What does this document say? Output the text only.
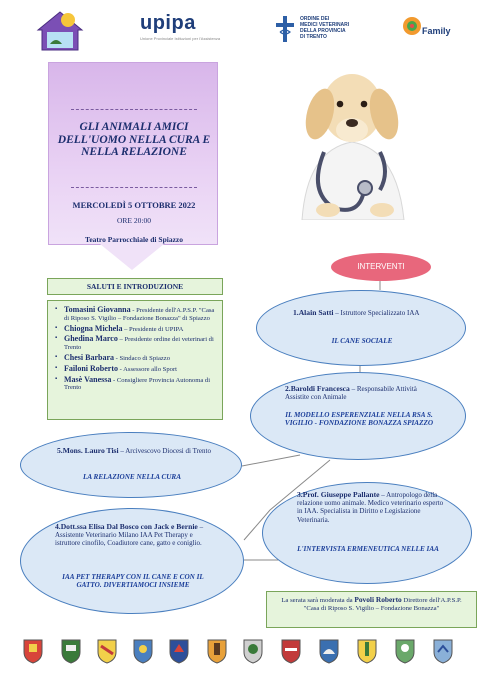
upipa
Unione Provinciale Istituzioni per l'Assistenza
ORDINE DEI
MEDICI VETERINARI
DELLA PROVINCIA
DI TRENTO
Family
GLI ANIMALI AMICI DELL'UOMO NELLA CURA E NELLA RELAZIONE
MERCOLEDÌ 5 OTTOBRE 2022
ORE 20:00
Teatro Parrocchiale di Spiazzo
SALUTI E INTRODUZIONE
▪ Tomasini Giovanna - Presidente dell'A.P.S.P. "Casa di Riposo S. Vigilio – Fondazione Bonazza" di Spiazzo
▪ Chiogna Michela – Presidente di UPIPA
▪ Ghedina Marco – Presidente ordine dei veterinari di Trento
▪ Chesi Barbara - Sindaco di Spiazzo
▪ Failoni Roberto - Assessore allo Sport
▪ Masè Vanessa - Consigliere Provincia Autonoma di Trento
INTERVENTI
1.Alain Satti – Istruttore Specializzato IAA
IL CANE SOCIALE
2.Baroldi Francesca – Responsabile Attività Assistite con Animale
IL MODELLO ESPERENZIALE NELLA RSA S. VIGILIO - FONDAZIONE BONAZZA SPIAZZO
5.Mons. Lauro Tisi – Arcivescovo Diocesi di Trento
LA RELAZIONE NELLA CURA
3.Prof. Giuseppe Pallante – Antropologo della relazione uomo animale. Medico veterinario esperto in IAA. Specialista in Diritto e Legislazione Veterinaria.
L'INTERVISTA ERMENEUTICA NELLE IAA
4.Dott.ssa Elisa Dal Bosco con Jack e Bernie – Assistente Veterinario Milano IAA Pet Therapy e istruttore cinofilo, Coadiutore cane, gatto e coniglio.
IAA PET THERAPY CON IL CANE E CON IL GATTO. DIVERTIAMOCI INSIEME
La serata sarà moderata da Povoli Roberto Direttore dell'A.P.S.P. "Casa di Riposo S. Vigilio – Fondazione Bonazza"
